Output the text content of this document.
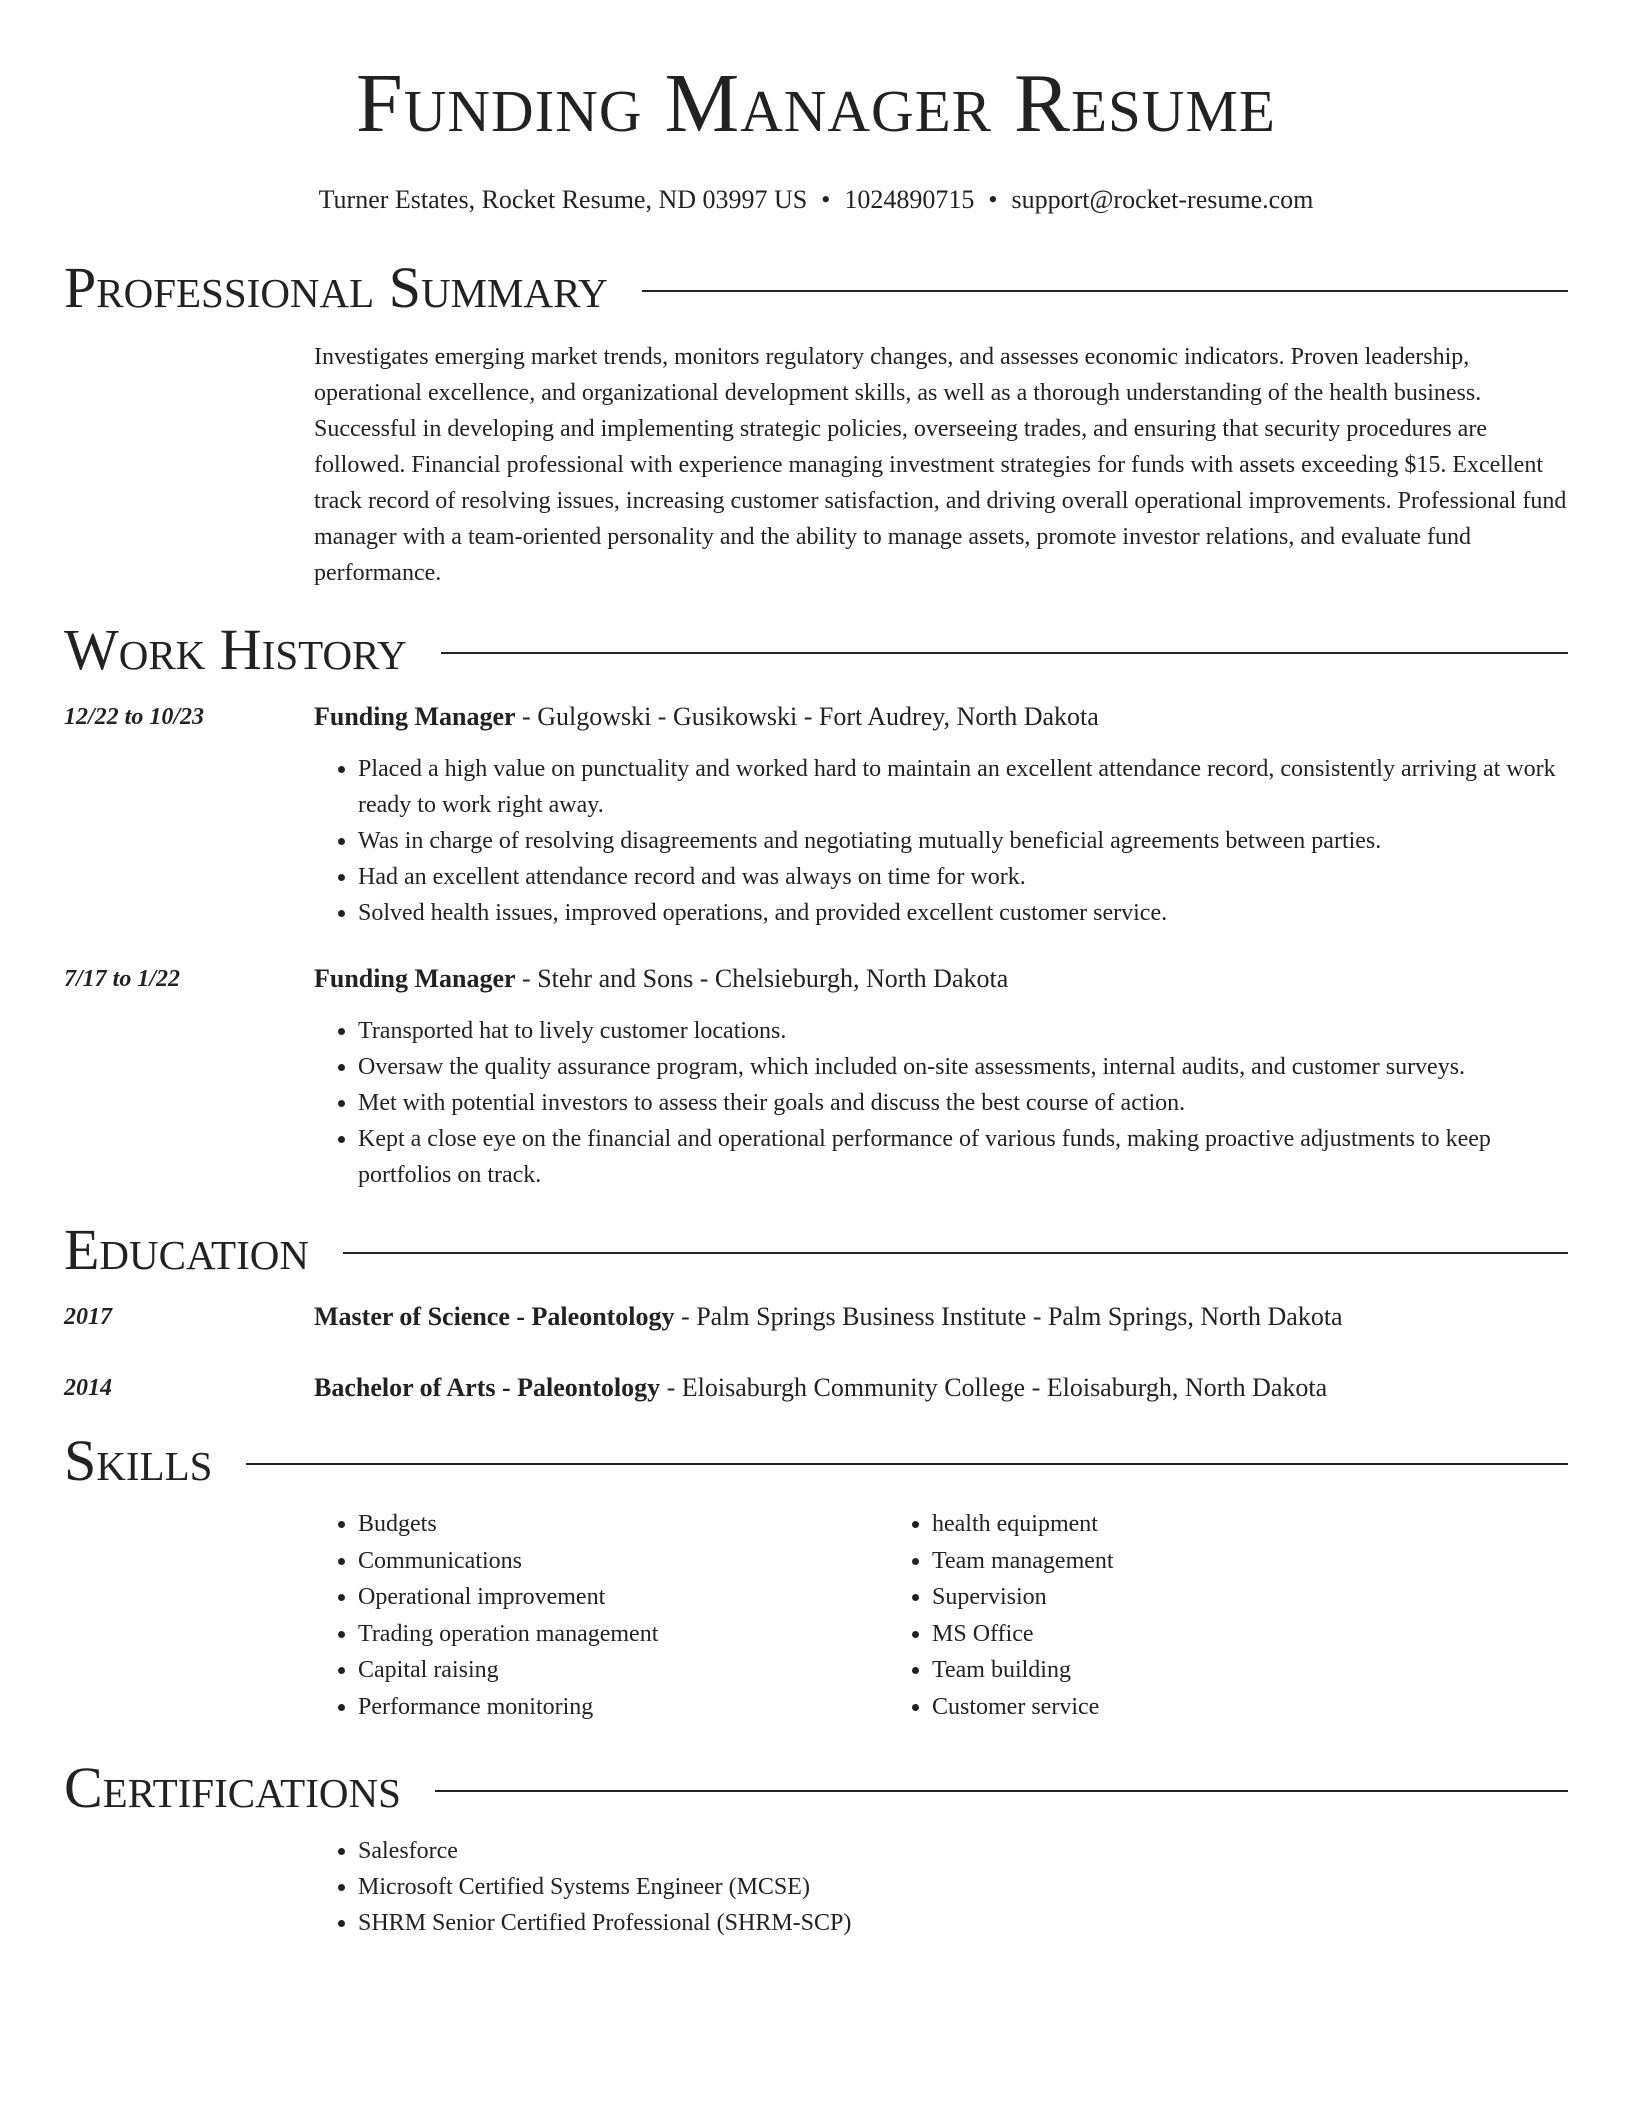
Funding Manager Resume
Turner Estates, Rocket Resume, ND 03997 US • 1024890715 • support@rocket-resume.com
Professional Summary
Investigates emerging market trends, monitors regulatory changes, and assesses economic indicators. Proven leadership, operational excellence, and organizational development skills, as well as a thorough understanding of the health business. Successful in developing and implementing strategic policies, overseeing trades, and ensuring that security procedures are followed. Financial professional with experience managing investment strategies for funds with assets exceeding $15. Excellent track record of resolving issues, increasing customer satisfaction, and driving overall operational improvements. Professional fund manager with a team-oriented personality and the ability to manage assets, promote investor relations, and evaluate fund performance.
Work History
12/22 to 10/23	Funding Manager - Gulgowski - Gusikowski - Fort Audrey, North Dakota
• Placed a high value on punctuality and worked hard to maintain an excellent attendance record, consistently arriving at work ready to work right away.
• Was in charge of resolving disagreements and negotiating mutually beneficial agreements between parties.
• Had an excellent attendance record and was always on time for work.
• Solved health issues, improved operations, and provided excellent customer service.
7/17 to 1/22	Funding Manager - Stehr and Sons - Chelsieburgh, North Dakota
• Transported hat to lively customer locations.
• Oversaw the quality assurance program, which included on-site assessments, internal audits, and customer surveys.
• Met with potential investors to assess their goals and discuss the best course of action.
• Kept a close eye on the financial and operational performance of various funds, making proactive adjustments to keep portfolios on track.
Education
2017	Master of Science - Paleontology - Palm Springs Business Institute - Palm Springs, North Dakota
2014	Bachelor of Arts - Paleontology - Eloisaburgh Community College - Eloisaburgh, North Dakota
Skills
• Budgets
• Communications
• Operational improvement
• Trading operation management
• Capital raising
• Performance monitoring
• health equipment
• Team management
• Supervision
• MS Office
• Team building
• Customer service
Certifications
• Salesforce
• Microsoft Certified Systems Engineer (MCSE)
• SHRM Senior Certified Professional (SHRM-SCP)
